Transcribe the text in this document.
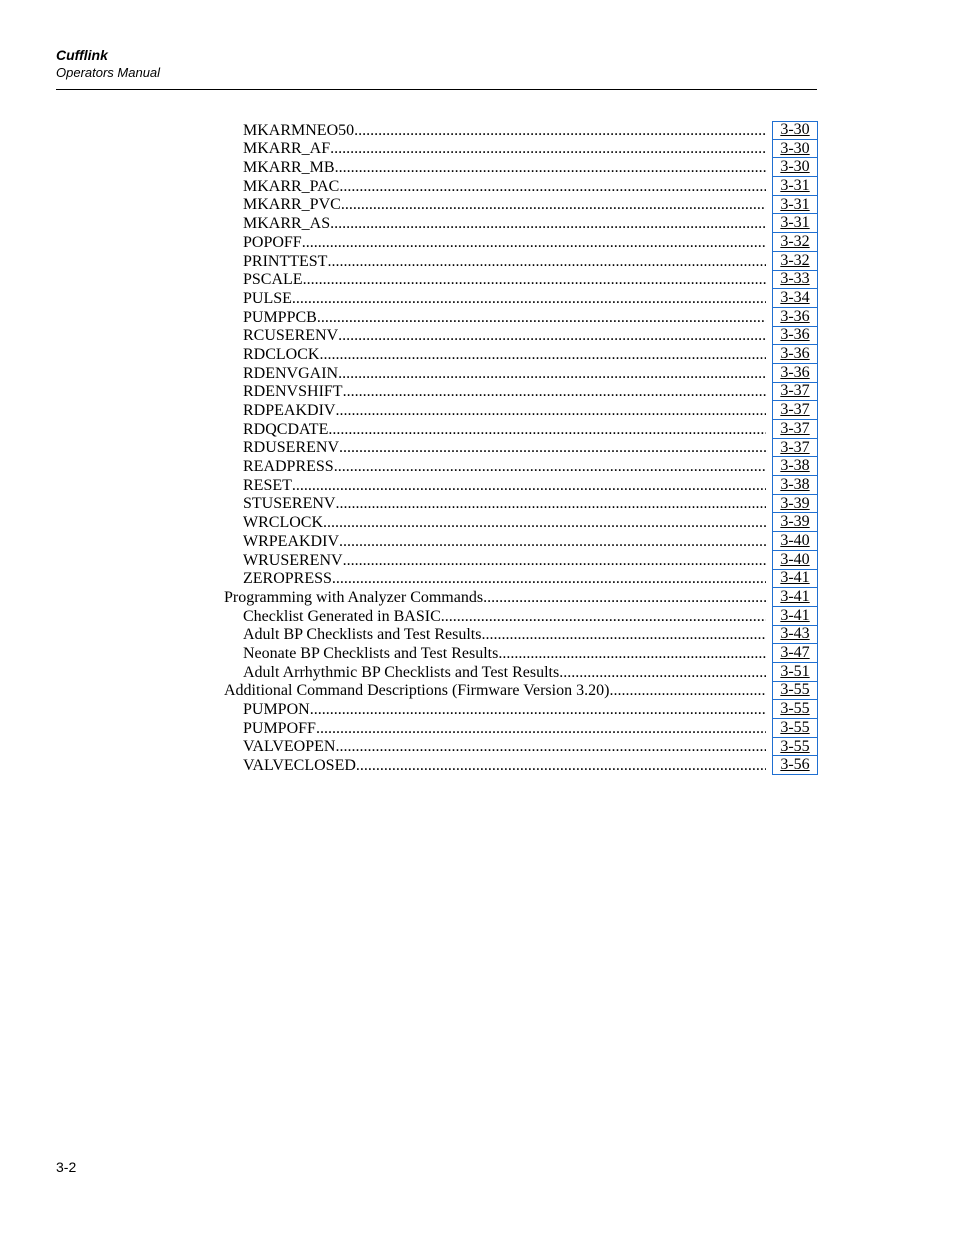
Cufflink
Operators Manual
MKARMNEO50 .....	3-30
MKARR_AF .....	3-30
MKARR_MB .....	3-30
MKARR_PAC .....	3-31
MKARR_PVC .....	3-31
MKARR_AS .....	3-31
POPOFF .....	3-32
PRINTTEST .....	3-32
PSCALE .....	3-33
PULSE .....	3-34
PUMPPCB .....	3-36
RCUSERENV .....	3-36
RDCLOCK .....	3-36
RDENVGAIN .....	3-36
RDENVSHIFT .....	3-37
RDPEAKDIV .....	3-37
RDQCDATE .....	3-37
RDUSERENV .....	3-37
READPRESS .....	3-38
RESET .....	3-38
STUSERENV .....	3-39
WRCLOCK .....	3-39
WRPEAKDIV .....	3-40
WRUSERENV .....	3-40
ZEROPRESS .....	3-41
Programming with Analyzer Commands .....	3-41
Checklist Generated in BASIC .....	3-41
Adult BP Checklists and Test Results .....	3-43
Neonate BP Checklists and Test Results .....	3-47
Adult Arrhythmic BP Checklists and Test Results .....	3-51
Additional Command Descriptions (Firmware Version 3.20) .....	3-55
PUMPON .....	3-55
PUMPOFF .....	3-55
VALVEOPEN .....	3-55
VALVECLOSED .....	3-56
3-2
